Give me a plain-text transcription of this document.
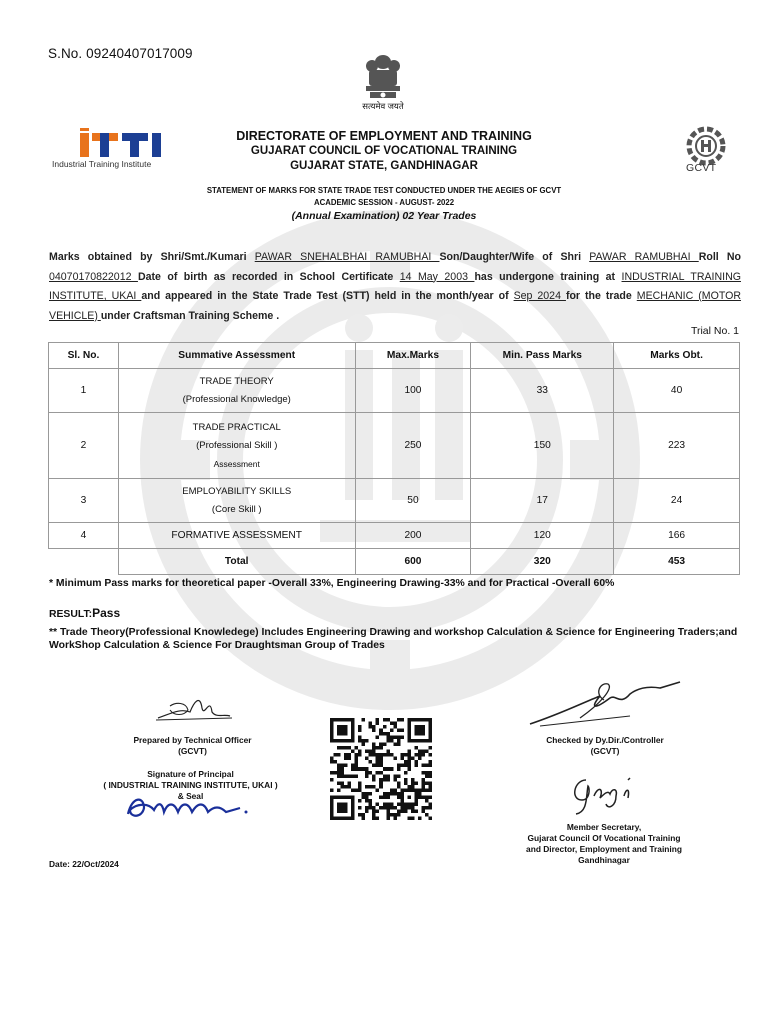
S.No. 09240407017009
सत्यमेव जयते
Industrial Training Institute	GCVT
DIRECTORATE OF EMPLOYMENT AND TRAINING
GUJARAT COUNCIL OF VOCATIONAL TRAINING
GUJARAT STATE, GANDHINAGAR
STATEMENT OF MARKS FOR STATE TRADE TEST CONDUCTED UNDER THE AEGIES OF GCVT
ACADEMIC SESSION - AUGUST- 2022
(Annual Examination) 02 Year Trades
Marks obtained by Shri/Smt./Kumari PAWAR SNEHALBHAI RAMUBHAI Son/Daughter/Wife of Shri PAWAR RAMUBHAI Roll No 04070170822012 Date of birth as recorded in School Certificate 14 May 2003 has undergone training at INDUSTRIAL TRAINING INSTITUTE, UKAI and appeared in the State Trade Test (STT) held in the month/year of Sep 2024 for the trade MECHANIC (MOTOR VEHICLE) under Craftsman Training Scheme .
Trial No. 1
Sl. No.	Summative Assessment	Max.Marks	Min. Pass Marks	Marks Obt.
1	TRADE THEORY
(Professional Knowledge)	100	33	40
2	TRADE PRACTICAL
(Professional Skill )
Assessment	250	150	223
3	EMPLOYABILITY SKILLS
(Core Skill )	50	17	24
4	FORMATIVE ASSESSMENT	200	120	166
	Total	600	320	453
* Minimum Pass marks for theoretical paper -Overall 33%, Engineering Drawing-33% and for Practical -Overall 60%
RESULT:Pass
** Trade Theory(Professional Knowledege) Includes Engineering Drawing and workshop Calculation & Science for Engineering Traders;and WorkShop Calculation & Science For Draughtsman Group of Trades
Prepared by Technical Officer
(GCVT)
Signature of Principal
( INDUSTRIAL TRAINING INSTITUTE, UKAI )
& Seal
Checked by Dy.Dir./Controller
(GCVT)
Member Secretary,
Gujarat Council Of Vocational Training
and Director, Employment and Training
Gandhinagar
Date: 22/Oct/2024
